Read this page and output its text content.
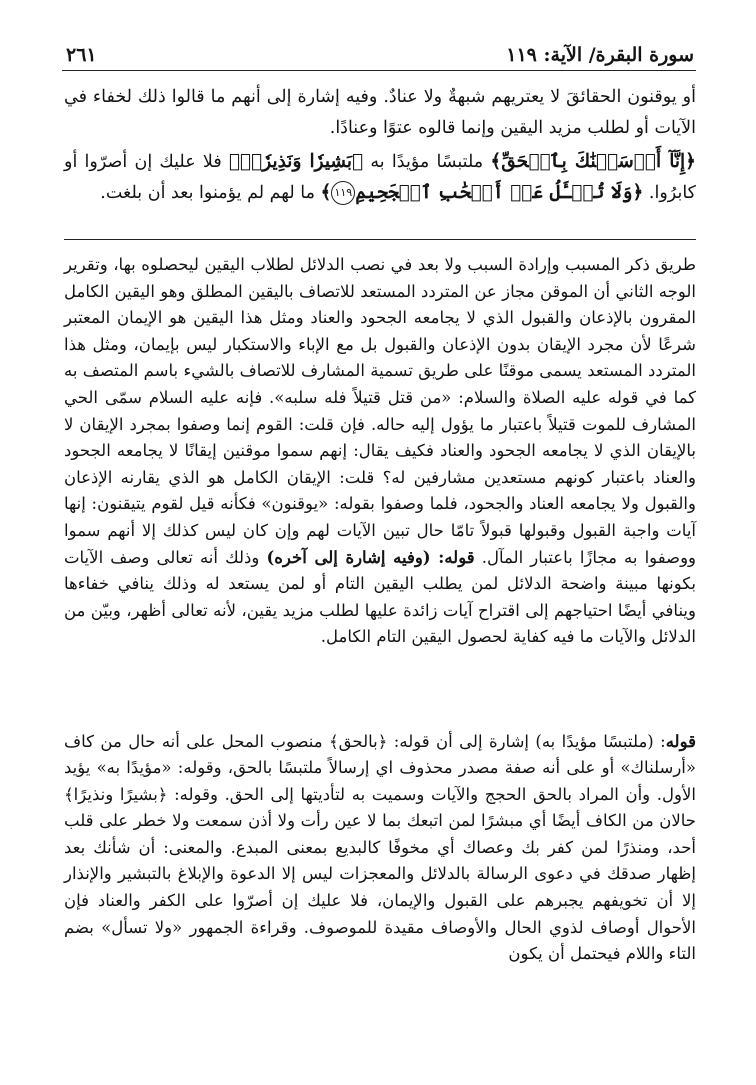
سورة البقرة/ الآية: ١١٩
٢٦١

أو يوقنون الحقائقَ لا يعتريهم شبهةٌ ولا عنادٌ. وفيه إشارة إلى أنهم ما قالوا ذلك لخفاء في الآيات أو لطلب مزيد اليقين وإنما قالوه عتوًا وعنادًا.

﴿إِنَّآ أَرۡسَلۡنَٰكَ بِٱلۡحَقِّ﴾ ملتبسًا مؤيدًا به ﴿بَشِيرٗا وَنَذِيرٗاۖ﴾ فلا عليك إن أصرّوا أو كابرُوا. ﴿وَلَا تُسۡـَٔلُ عَنۡ أَصۡحَٰبِ ٱلۡجَحِيمِ١١٩﴾ ما لهم لم يؤمنوا بعد أن بلغت.

طريق ذكر المسبب وإرادة السبب ولا بعد في نصب الدلائل لطلاب اليقين ليحصلوه بها، وتقرير الوجه الثاني أن الموقن مجاز عن المتردد المستعد للاتصاف باليقين المطلق وهو اليقين الكامل المقرون بالإذعان والقبول الذي لا يجامعه الجحود والعناد ومثل هذا اليقين هو الإيمان المعتبر شرعًا لأن مجرد الإيقان بدون الإذعان والقبول بل مع الإباء والاستكبار ليس بإيمان، ومثل هذا المتردد المستعد يسمى موقنًا على طريق تسمية المشارف للاتصاف بالشيء باسم المتصف به كما في قوله عليه الصلاة والسلام: «من قتل قتيلاً فله سلبه». فإنه عليه السلام سمّى الحي المشارف للموت قتيلاً باعتبار ما يؤول إليه حاله. فإن قلت: القوم إنما وصفوا بمجرد الإيقان لا بالإيقان الذي لا يجامعه الجحود والعناد فكيف يقال: إنهم سموا موقنين إيقانًا لا يجامعه الجحود والعناد باعتبار كونهم مستعدين مشارفين له؟ قلت: الإيقان الكامل هو الذي يقارنه الإذعان والقبول ولا يجامعه العناد والجحود، فلما وصفوا بقوله: «يوقنون» فكأنه قيل لقوم يتيقنون: إنها آيات واجبة القبول وقبولها قبولاً تامّا حال تبين الآيات لهم وإن كان ليس كذلك إلا أنهم سموا ووصفوا به مجازًا باعتبار المآل. قوله: (وفيه إشارة إلى آخره) وذلك أنه تعالى وصف الآيات بكونها مبينة واضحة الدلائل لمن يطلب اليقين التام أو لمن يستعد له وذلك ينافي خفاءها وينافي أيضًا احتياجهم إلى اقتراح آيات زائدة عليها لطلب مزيد يقين، لأنه تعالى أظهر، وبيّن من الدلائل والآيات ما فيه كفاية لحصول اليقين التام الكامل.

قوله: (ملتبسًا مؤيدًا به) إشارة إلى أن قوله: ﴿بالحق﴾ منصوب المحل على أنه حال من كاف «أرسلناك» أو على أنه صفة مصدر محذوف اي إرسالاً ملتبسًا بالحق، وقوله: «مؤيدًا به» يؤيد الأول. وأن المراد بالحق الحجج والآيات وسميت به لتأديتها إلى الحق. وقوله: ﴿بشيرًا ونذيرًا﴾ حالان من الكاف أيضًا أي مبشرًا لمن اتبعك بما لا عين رأت ولا أذن سمعت ولا خطر على قلب أحد، ومنذرًا لمن كفر بك وعصاك أي مخوفًا كالبديع بمعنى المبدع. والمعنى: أن شأنك بعد إظهار صدقك في دعوى الرسالة بالدلائل والمعجزات ليس إلا الدعوة والإبلاغ بالتبشير والإنذار إلا أن تخويفهم يجبرهم على القبول والإيمان، فلا عليك إن أصرّوا على الكفر والعناد فإن الأحوال أوصاف لذوي الحال والأوصاف مقيدة للموصوف. وقراءة الجمهور «ولا تسأل» بضم التاء واللام فيحتمل أن يكون
